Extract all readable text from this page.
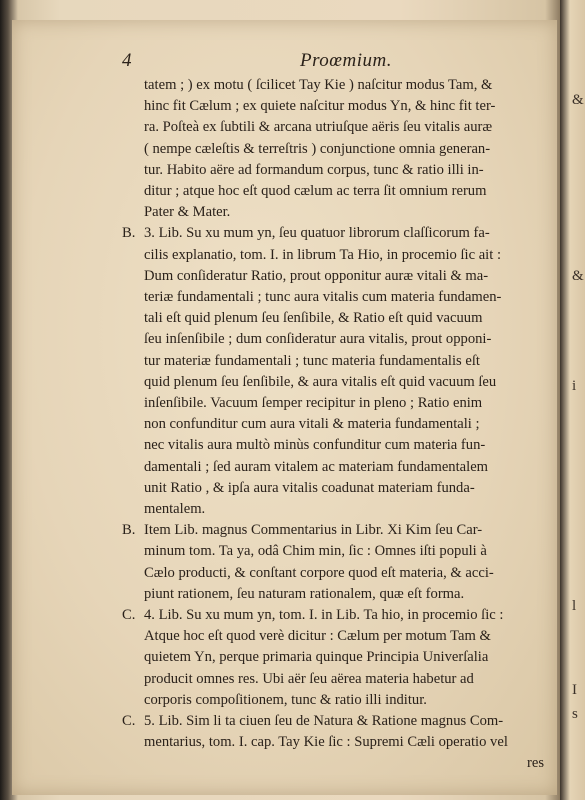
&
&
i
l
I
s
4	Proœmium.
B.
B.
C.
C.
tatem ; ) ex motu ( ſcilicet Tay Kie ) naſcitur modus Tam, &
hinc fit Cælum ; ex quiete naſcitur modus Yn, & hinc fit ter-
ra. Poſteà ex ſubtili & arcana utriuſque aëris ſeu vitalis auræ
( nempe cæleſtis & terreſtris ) conjunctione omnia generan-
tur. Habito aëre ad formandum corpus, tunc & ratio illi in-
ditur ; atque hoc eſt quod cælum ac terra ſit omnium rerum
Pater & Mater.
3. Lib. Su xu mum yn, ſeu quatuor librorum claſſicorum fa-
cilis explanatio, tom. I. in librum Ta Hio, in procemio ſic ait :
Dum conſideratur Ratio, prout opponitur auræ vitali & ma-
teriæ fundamentali ; tunc aura vitalis cum materia fundamen-
tali eſt quid plenum ſeu ſenſibile, & Ratio eſt quid vacuum
ſeu inſenſibile ; dum conſideratur aura vitalis, prout opponi-
tur materiæ fundamentali ; tunc materia fundamentalis eſt
quid plenum ſeu ſenſibile, & aura vitalis eſt quid vacuum ſeu
inſenſibile. Vacuum ſemper recipitur in pleno ; Ratio enim
non confunditur cum aura vitali & materia fundamentali ;
nec vitalis aura multò minùs confunditur cum materia fun-
damentali ; ſed auram vitalem ac materiam fundamentalem
unit Ratio , & ipſa aura vitalis coadunat materiam funda-
mentalem.
Item Lib. magnus Commentarius in Libr. Xi Kim ſeu Car-
minum tom. Ta ya, odâ Chim min, ſic : Omnes iſti populi à
Cælo producti, & conſtant corpore quod eſt materia, & acci-
piunt rationem, ſeu naturam rationalem, quæ eſt forma.
4. Lib. Su xu mum yn, tom. I. in Lib. Ta hio, in procemio ſic :
Atque hoc eſt quod verè dicitur : Cælum per motum Tam &
quietem Yn, perque primaria quinque Principia Univerſalia
producit omnes res. Ubi aër ſeu aërea materia habetur ad
corporis compoſitionem, tunc & ratio illi inditur.
5. Lib. Sim li ta ciuen ſeu de Natura & Ratione magnus Com-
mentarius, tom. I. cap. Tay Kie ſic : Supremi Cæli operatio vel
res
